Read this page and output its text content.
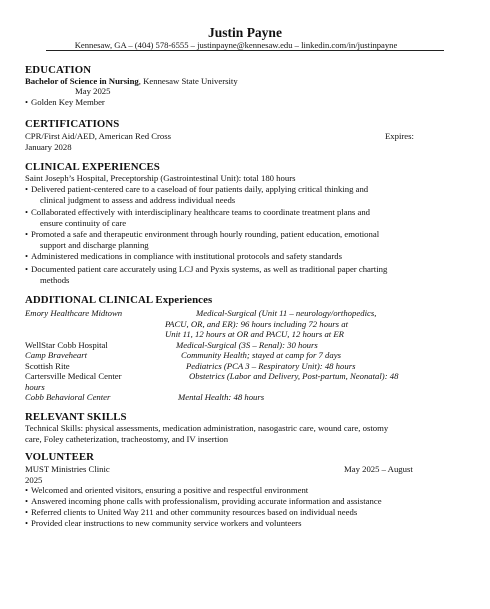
Justin Payne
Kennesaw, GA – (404) 578-6555 – justinpayne@kennesaw.edu – linkedin.com/in/justinpayne
EDUCATION
Bachelor of Science in Nursing, Kennesaw State University
May 2025
• Golden Key Member
CERTIFICATIONS
CPR/First Aid/AED, American Red Cross	Expires:
January 2028
CLINICAL EXPERIENCES
Saint Joseph’s Hospital, Preceptorship (Gastrointestinal Unit): total 180 hours
• Delivered patient-centered care to a caseload of four patients daily, applying critical thinking and
clinical judgment to assess and address individual needs
• Collaborated effectively with interdisciplinary healthcare teams to coordinate treatment plans and
ensure continuity of care
• Promoted a safe and therapeutic environment through hourly rounding, patient education, emotional
support and discharge planning
• Administered medications in compliance with institutional protocols and safety standards
• Documented patient care accurately using LCJ and Pyxis systems, as well as traditional paper charting
methods
ADDITIONAL CLINICAL Experiences
Emory Healthcare Midtown	Medical-Surgical (Unit 11 – neurology/orthopedics,
PACU, OR, and ER): 96 hours including 72 hours at
Unit 11, 12 hours at OR and PACU, 12 hours at ER
WellStar Cobb Hospital	Medical-Surgical (3S – Renal): 30 hours
Camp Braveheart	Community Health; stayed at camp for 7 days
Scottish Rite	Pediatrics (PCA 3 – Respiratory Unit): 48 hours
Cartersville Medical Center	Obstetrics (Labor and Delivery, Post-partum, Neonatal): 48
hours
Cobb Behavioral Center	Mental Health: 48 hours
RELEVANT SKILLS
Technical Skills: physical assessments, medication administration, nasogastric care, wound care, ostomy
care, Foley catheterization, tracheostomy, and IV insertion
VOLUNTEER
MUST Ministries Clinic	May 2025 – August
2025
• Welcomed and oriented visitors, ensuring a positive and respectful environment
• Answered incoming phone calls with professionalism, providing accurate information and assistance
• Referred clients to United Way 211 and other community resources based on individual needs
• Provided clear instructions to new community service workers and volunteers
